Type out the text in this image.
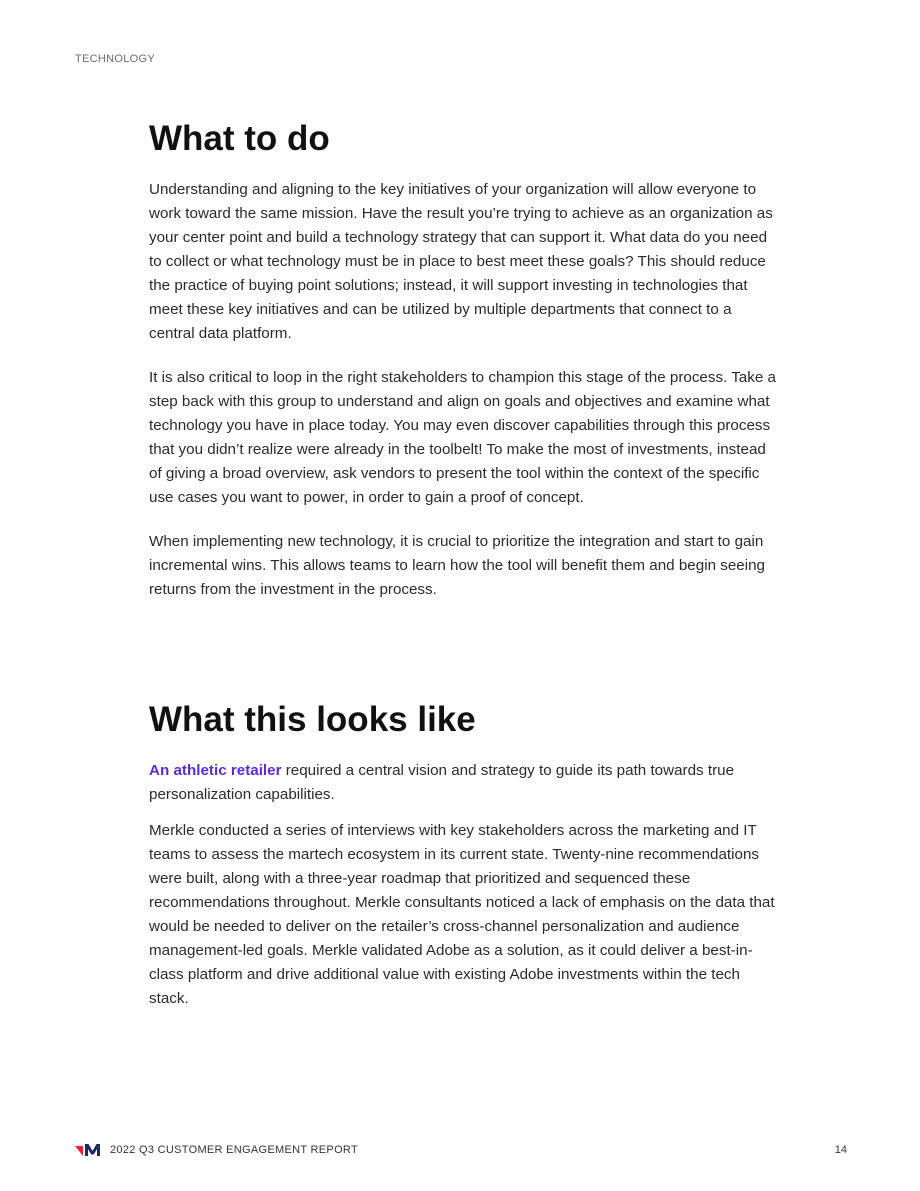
TECHNOLOGY
What to do

Understanding and aligning to the key initiatives of your organization will allow everyone to work toward the same mission. Have the result you’re trying to achieve as an organization as your center point and build a technology strategy that can support it. What data do you need to collect or what technology must be in place to best meet these goals? This should reduce the practice of buying point solutions; instead, it will support investing in technologies that meet these key initiatives and can be utilized by multiple departments that connect to a central data platform.

It is also critical to loop in the right stakeholders to champion this stage of the process. Take a step back with this group to understand and align on goals and objectives and examine what technology you have in place today. You may even discover capabilities through this process that you didn’t realize were already in the toolbelt! To make the most of investments, instead of giving a broad overview, ask vendors to present the tool within the context of the specific use cases you want to power, in order to gain a proof of concept.

When implementing new technology, it is crucial to prioritize the integration and start to gain incremental wins. This allows teams to learn how the tool will benefit them and begin seeing returns from the investment in the process.

What this looks like

An athletic retailer required a central vision and strategy to guide its path towards true personalization capabilities.

Merkle conducted a series of interviews with key stakeholders across the marketing and IT teams to assess the martech ecosystem in its current state. Twenty-nine recommendations were built, along with a three-year roadmap that prioritized and sequenced these recommendations throughout. Merkle consultants noticed a lack of emphasis on the data that would be needed to deliver on the retailer’s cross-channel personalization and audience management-led goals. Merkle validated Adobe as a solution, as it could deliver a best-in-class platform and drive additional value with existing Adobe investments within the tech stack.

2022 Q3 CUSTOMER ENGAGEMENT REPORT	14
